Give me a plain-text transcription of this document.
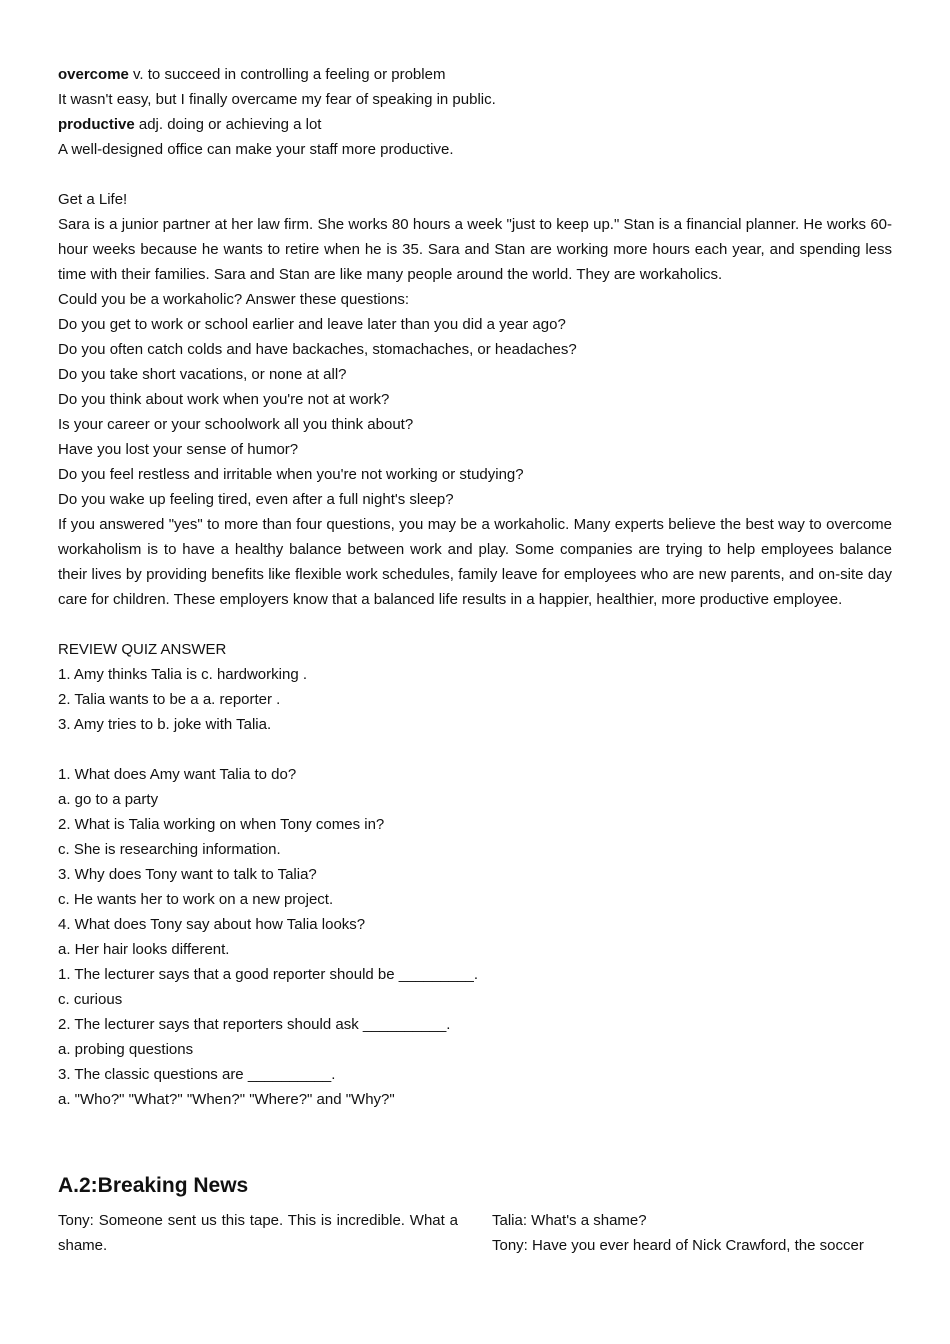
overcome v. to succeed in controlling a feeling or problem

It wasn't easy, but I finally overcame my fear of speaking in public.

productive adj. doing or achieving a lot

A well-designed office can make your staff more productive.

Get a Life!

Sara is a junior partner at her law firm. She works 80 hours a week "just to keep up." Stan is a financial planner. He works 60-hour weeks because he wants to retire when he is 35. Sara and Stan are working more hours each year, and spending less time with their families. Sara and Stan are like many people around the world. They are workaholics.

Could you be a workaholic? Answer these questions:

Do you get to work or school earlier and leave later than you did a year ago?

Do you often catch colds and have backaches, stomachaches, or headaches?

Do you take short vacations, or none at all?

Do you think about work when you're not at work?

Is your career or your schoolwork all you think about?

Have you lost your sense of humor?

Do you feel restless and irritable when you're not working or studying?

Do you wake up feeling tired, even after a full night's sleep?

If you answered "yes" to more than four questions, you may be a workaholic. Many experts believe the best way to overcome workaholism is to have a healthy balance between work and play. Some companies are trying to help employees balance their lives by providing benefits like flexible work schedules, family leave for employees who are new parents, and on-site day care for children. These employers know that a balanced life results in a happier, healthier, more productive employee.

REVIEW QUIZ ANSWER

1. Amy thinks Talia is c. hardworking .

2. Talia wants to be a a. reporter .

3. Amy tries to b. joke with Talia.

1. What does Amy want Talia to do?

a. go to a party

2. What is Talia working on when Tony comes in?

c. She is researching information.

3. Why does Tony want to talk to Talia?

c. He wants her to work on a new project.

4. What does Tony say about how Talia looks?

a. Her hair looks different.

1. The lecturer says that a good reporter should be _________.

c. curious

2. The lecturer says that reporters should ask __________.

a. probing questions

3. The classic questions are __________.

a. "Who?" "What?" "When?" "Where?" and "Why?"

A.2:Breaking News

Tony: Someone sent us this tape. This is incredible. What a shame.

Talia: What's a shame?

Tony: Have you ever heard of Nick Crawford, the soccer
